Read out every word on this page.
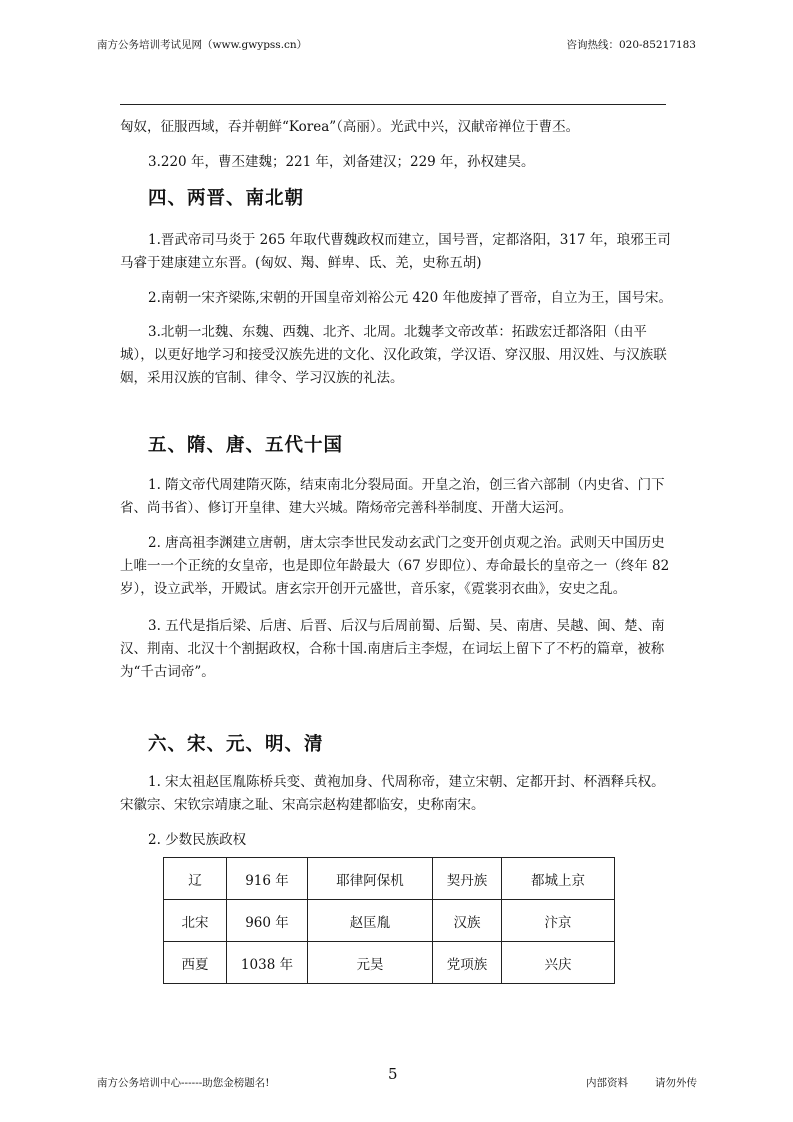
南方公务培训考试见网（www.gwypss.cn）	咨询热线：020-85217183

匈奴，征服西域，吞并朝鲜“Korea”（高丽）。光武中兴，汉献帝禅位于曹丕。

3.220 年，曹丕建魏；221 年，刘备建汉；229 年，孙权建吴。

四、两晋、南北朝

1.晋武帝司马炎于 265 年取代曹魏政权而建立，国号晋，定都洛阳，317 年，琅邪王司马睿于建康建立东晋。(匈奴、羯、鲜卑、氐、羌，史称五胡)

2.南朝一宋齐梁陈,宋朝的开国皇帝刘裕公元 420 年他废掉了晋帝，自立为王，国号宋。

3.北朝一北魏、东魏、西魏、北齐、北周。北魏孝文帝改革：拓跋宏迁都洛阳（由平城），以更好地学习和接受汉族先进的文化、汉化政策，学汉语、穿汉服、用汉姓、与汉族联姻，采用汉族的官制、律令、学习汉族的礼法。

五、隋、唐、五代十国

1. 隋文帝代周建隋灭陈，结束南北分裂局面。开皇之治，创三省六部制（内史省、门下省、尚书省）、修订开皇律、建大兴城。隋炀帝完善科举制度、开凿大运河。

2. 唐高祖李渊建立唐朝，唐太宗李世民发动玄武门之变开创贞观之治。武则天中国历史上唯一一个正统的女皇帝，也是即位年龄最大（67 岁即位）、寿命最长的皇帝之一（终年 82 岁），设立武举，开殿试。唐玄宗开创开元盛世，音乐家，《霓裳羽衣曲》，安史之乱。

3. 五代是指后梁、后唐、后晋、后汉与后周前蜀、后蜀、吴、南唐、吴越、闽、楚、南汉、荆南、北汉十个割据政权，合称十国.南唐后主李煜，在词坛上留下了不朽的篇章，被称为“千古词帝”。

六、宋、元、明、清

1. 宋太祖赵匡胤陈桥兵变、黄袍加身、代周称帝，建立宋朝、定都开封、杯酒释兵权。宋徽宗、宋钦宗靖康之耻、宋高宗赵构建都临安，史称南宋。

2. 少数民族政权

辽	916 年	耶律阿保机	契丹族	都城上京
北宋	960 年	赵匡胤	汉族	汴京
西夏	1038 年	元昊	党项族	兴庆
5
南方公务培训中心------助您金榜题名!	内部资料	请勿外传
